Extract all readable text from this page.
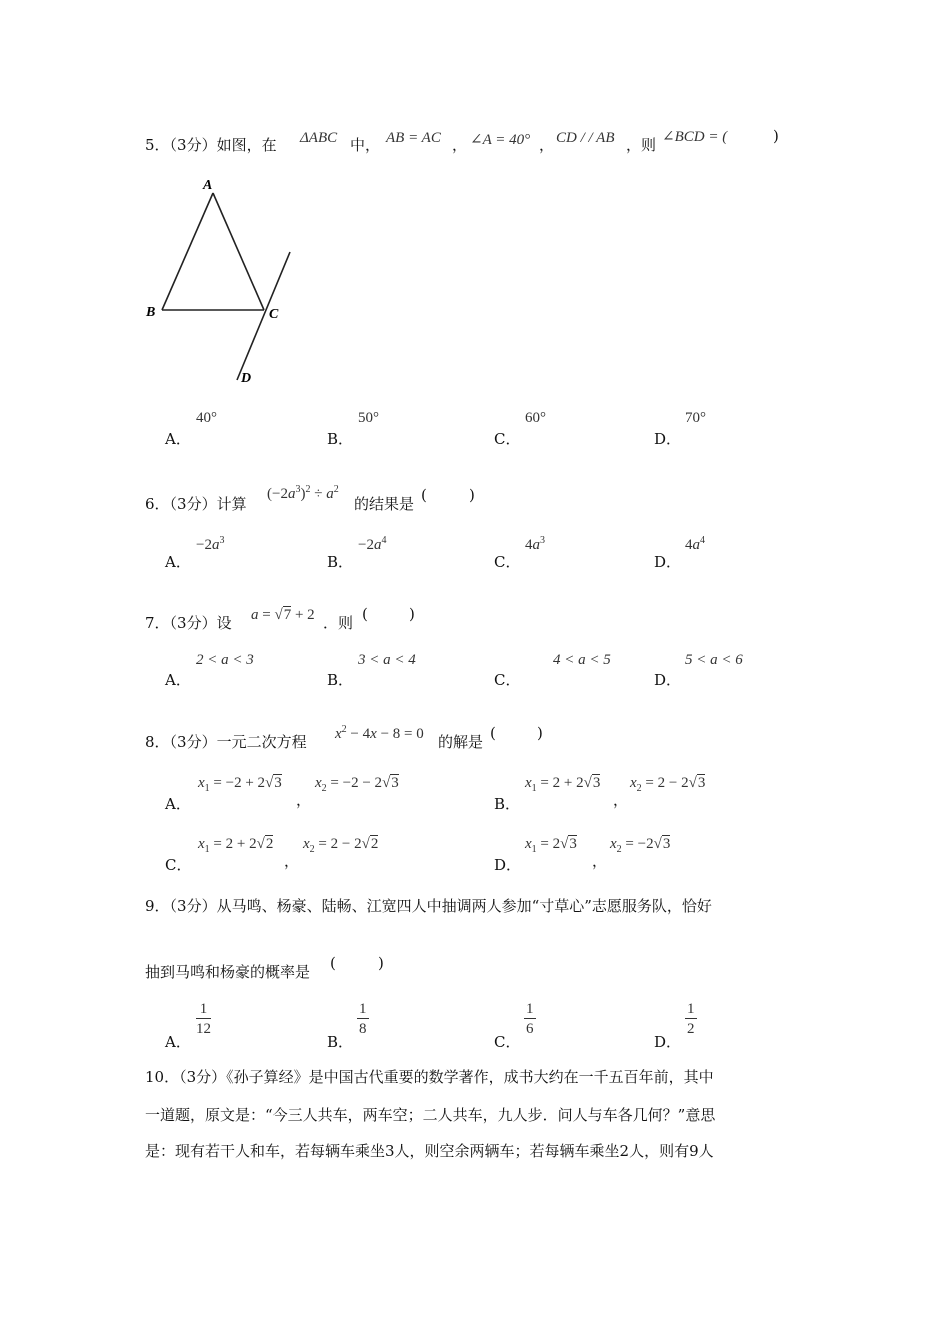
5．（3分）如图，在 ΔABC 中， AB = AC ， ∠A = 40° ， CD / / AB ，则 ∠BCD = (	)
A
B	C
D
A．
40°
B．
50°
C．
60°
D．
70°
6．（3分）计算
$(-2a^3)^2 \div a^2$
的结果是 (	)
A．
$-2a^3$
B．
$-2a^4$
C．
$4a^3$
D．
$4a^4$
7．（3分）设 a = √7 + 2 ．则 (	)
A．
2 < a < 3
B．
3 < a < 4
C．
4 < a < 5
D．
5 < a < 6
8．（3分）一元二次方程 $x^2 - 4x - 8 = 0$ 的解是 (	)
A．
$x_1 = -2 + 2√3$
，
$x_2 = -2 - 2√3$
B．
$x_1 = 2 + 2√3$
，
$x_2 = 2 - 2√3$
C．
$x_1 = 2 + 2√2$
，
$x_2 = 2 - 2√2$
D．
$x_1 = 2√3$
，
$x_2 = -2√3$
9．（3分）从马鸣、杨豪、陆畅、江宽四人中抽调两人参加“寸草心”志愿服务队，恰好
抽到马鸣和杨豪的概率是 (	)
A．
$\frac{1}{12}$
B．
$\frac{1}{8}$
C．
$\frac{1}{6}$
D．
$\frac{1}{2}$
10．（3分）《孙子算经》是中国古代重要的数学著作，成书大约在一千五百年前，其中
一道题，原文是：“今三人共车，两车空；二人共车，九人步．问人与车各几何？”意思
是：现有若干人和车，若每辆车乘坐3人，则空余两辆车；若每辆车乘坐2人，则有9人
